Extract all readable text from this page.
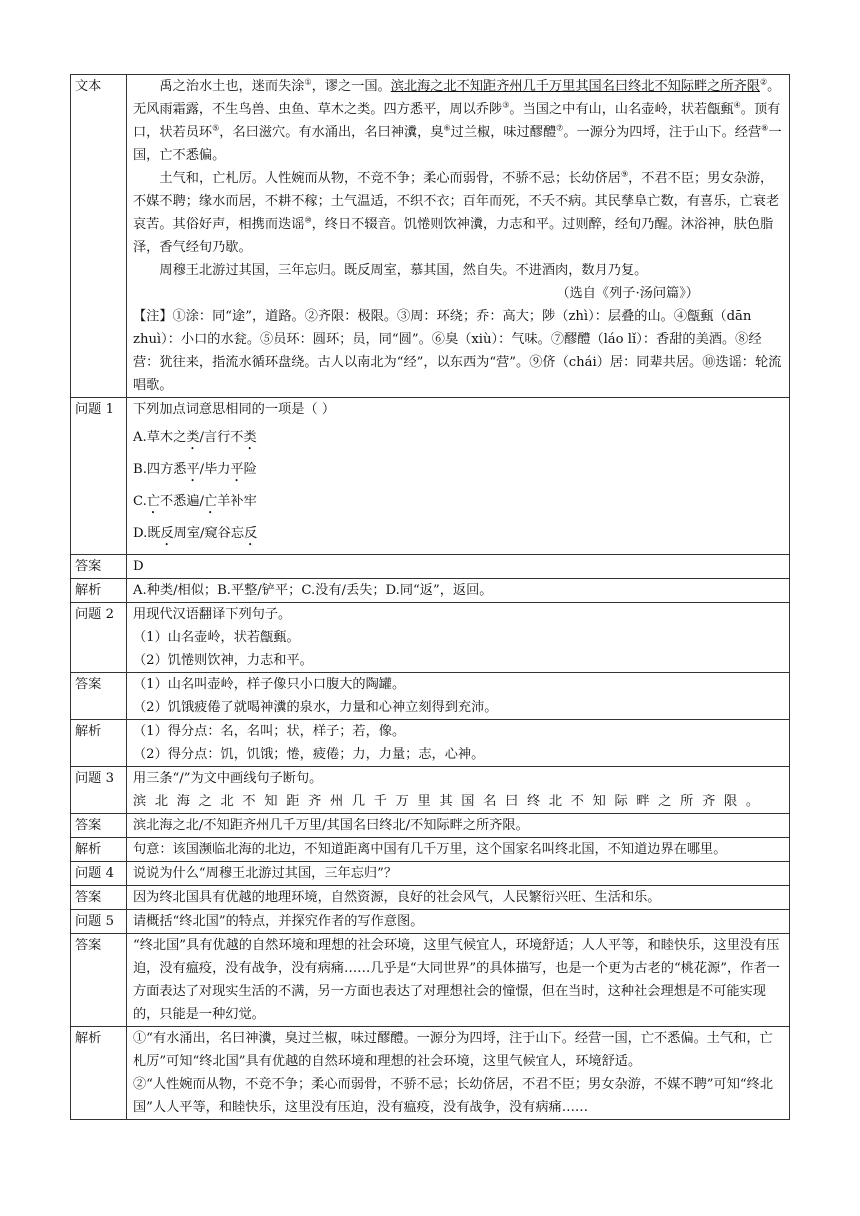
文本	禹之治水土也，迷而失涂①，谬之一国。滨北海之北不知距齐州几千万里其国名曰终北不知际畔之所齐限②。无风雨霜露，不生鸟兽、虫鱼、草木之类。四方悉平，周以乔陟③。当国之中有山，山名壶岭，状若甔甀④。顶有口，状若员环⑤，名曰滋穴。有水涌出，名曰神瀵，臭⑥过兰椒，味过醪醴⑦。一源分为四埒，注于山下。经营⑧一国，亡不悉偏。

土气和，亡札厉。人性婉而从物，不竞不争；柔心而弱骨，不骄不忌；长幼侪居⑨，不君不臣；男女杂游，不媒不聘；缘水而居，不耕不稼；土气温适，不织不衣；百年而死，不夭不病。其民孳阜亡数，有喜乐，亡衰老哀苦。其俗好声，相携而迭谣⑩，终日不辍音。饥惓则饮神瀵，力志和平。过则醉，经旬乃醒。沐浴神，肤色脂泽，香气经旬乃歇。

周穆王北游过其国，三年忘归。既反周室，慕其国，然自失。不进酒肉，数月乃复。

（选自《列子·汤问篇》）

【注】①涂：同“途”，道路。②齐限：极限。③周：环绕；乔：高大；陟（zhì）：层叠的山。④甔甀（dān zhuì）：小口的水瓮。⑤员环：圆环；员，同“圆”。⑥臭（xiù）：气味。⑦醪醴（láo lǐ）：香甜的美酒。⑧经营：犹往来，指流水循环盘绕。古人以南北为“经”，以东西为“营”。⑨侪（chái）居：同辈共居。⑩迭谣：轮流唱歌。

问题 1	下列加点词意思相同的一项是（ ）

A.草木之类/言行不类

B.四方悉平/毕力平险

C.亡不悉遍/亡羊补牢

D.既反周室/窥谷忘反

答案	D
解析	A.种类/相似；B.平整/铲平；C.没有/丢失；D.同“返”，返回。
问题 2	用现代汉语翻译下列句子。

（1）山名壶岭，状若甔甀。

（2）饥惓则饮神，力志和平。

答案	（1）山名叫壶岭，样子像只小口腹大的陶罐。

（2）饥饿疲倦了就喝神瀵的泉水，力量和心神立刻得到充沛。

解析	（1）得分点：名，名叫；状，样子；若，像。

（2）得分点：饥，饥饿；惓，疲倦；力，力量；志，心神。

问题 3	用三条“/”为文中画线句子断句。

滨北海之北不知距齐州几千万里其国名曰终北不知际畔之所齐限。

答案	滨北海之北/不知距齐州几千万里/其国名曰终北/不知际畔之所齐限。
解析	句意：该国濒临北海的北边，不知道距离中国有几千万里，这个国家名叫终北国，不知道边界在哪里。
问题 4	说说为什么“周穆王北游过其国，三年忘归”？
答案	因为终北国具有优越的地理环境，自然资源，良好的社会风气，人民繁衍兴旺、生活和乐。
问题 5	请概括“终北国”的特点，并探究作者的写作意图。
答案	“终北国”具有优越的自然环境和理想的社会环境，这里气候宜人，环境舒适；人人平等，和睦快乐，这里没有压迫，没有瘟疫，没有战争，没有病痛……几乎是“大同世界”的具体描写，也是一个更为古老的“桃花源”，作者一方面表达了对现实生活的不满，另一方面也表达了对理想社会的憧憬，但在当时，这种社会理想是不可能实现的，只能是一种幻觉。
解析	①“有水涌出，名曰神瀵，臭过兰椒，味过醪醴。一源分为四埒，注于山下。经营一国，亡不悉偏。土气和，亡札厉”可知“终北国”具有优越的自然环境和理想的社会环境，这里气候宜人，环境舒适。

②“人性婉而从物，不竞不争；柔心而弱骨，不骄不忌；长幼侪居，不君不臣；男女杂游，不媒不聘”可知“终北国”人人平等，和睦快乐，这里没有压迫，没有瘟疫，没有战争，没有病痛……
